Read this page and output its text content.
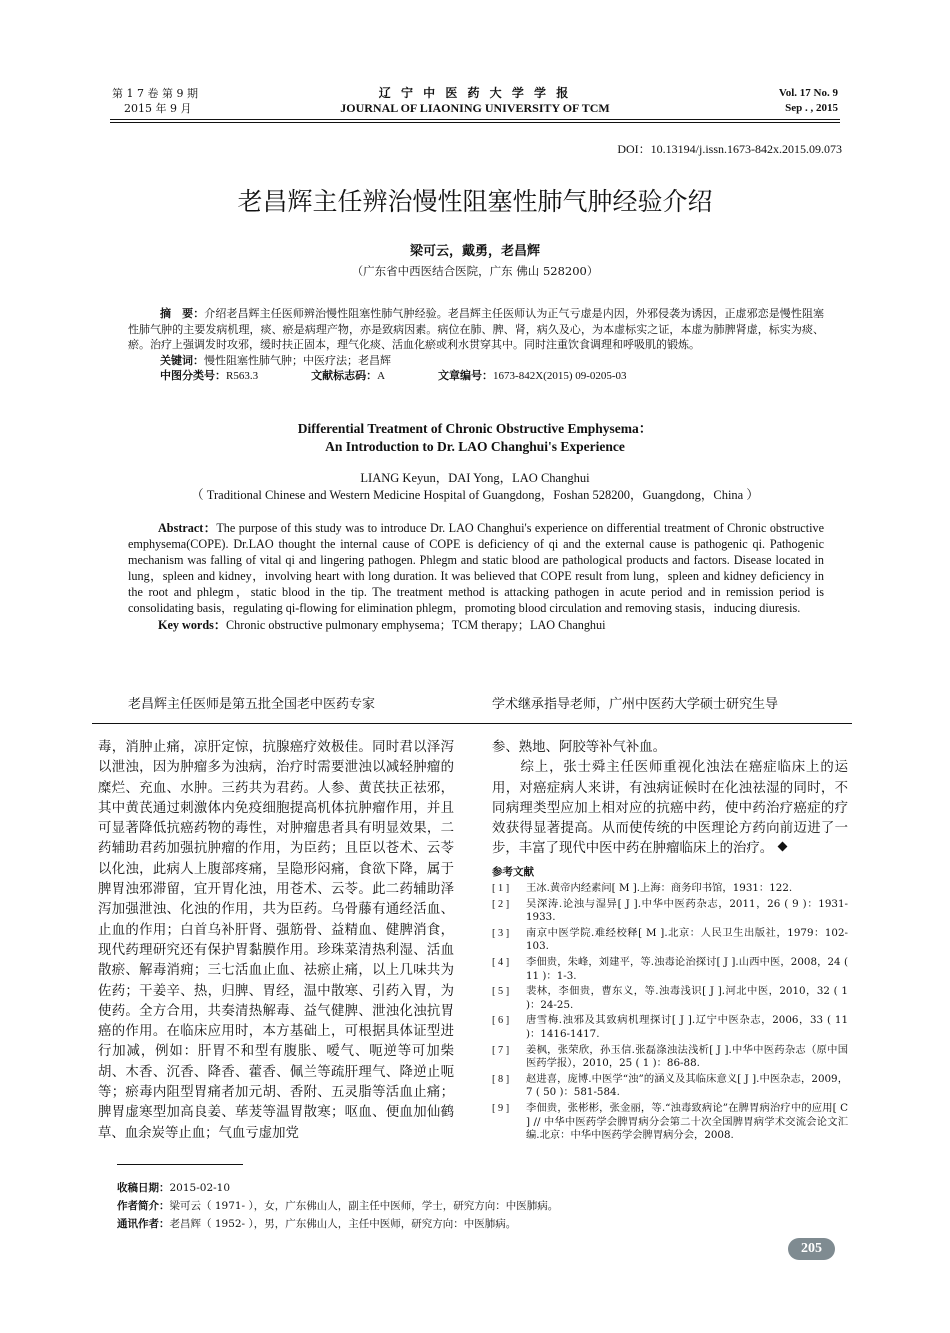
第 1 7 卷 第 9 期
2015 年 9 月
辽 宁 中 医 药 大 学 学 报
JOURNAL OF LIAONING UNIVERSITY OF TCM
Vol. 17 No. 9
Sep . , 2015
DOI：10.13194/j.issn.1673-842x.2015.09.073
老昌辉主任辨治慢性阻塞性肺气肿经验介绍
梁可云，戴勇，老昌辉
（广东省中西医结合医院，广东 佛山 528200）
摘　要：介绍老昌辉主任医师辨治慢性阻塞性肺气肿经验。老昌辉主任医师认为正气亏虚是内因，外邪侵袭为诱因，正虚邪恋是慢性阻塞性肺气肿的主要发病机理，痰、瘀是病理产物，亦是致病因素。病位在肺、脾、肾，病久及心，为本虚标实之证，本虚为肺脾肾虚，标实为痰、瘀。治疗上强调发时攻邪，缓时扶正固本，理气化痰、活血化瘀或利水贯穿其中。同时注重饮食调理和呼吸肌的锻炼。
关键词：慢性阻塞性肺气肿；中医疗法；老昌辉
中图分类号：R563.3	文献标志码：A	文章编号：1673-842X(2015) 09-0205-03
Differential Treatment of Chronic Obstructive Emphysema：
An Introduction to Dr. LAO Changhui's Experience
LIANG Keyun，DAI Yong，LAO Changhui
（ Traditional Chinese and Western Medicine Hospital of Guangdong，Foshan 528200，Guangdong，China ）
Abstract：The purpose of this study was to introduce Dr. LAO Changhui's experience on differential treatment of Chronic obstructive emphysema(COPE). Dr.LAO thought the internal cause of COPE is deficiency of qi and the external cause is pathogenic qi. Pathogenic mechanism was falling of vital qi and lingering pathogen. Phlegm and static blood are pathological products and factors. Disease located in lung，spleen and kidney，involving heart with long duration. It was believed that COPE result from lung，spleen and kidney deficiency in the root and phlegm，static blood in the tip. The treatment method is attacking pathogen in acute period and in remission period is consolidating basis，regulating qi-flowing for elimination phlegm，promoting blood circulation and removing stasis，inducing diuresis.
Key words：Chronic obstructive pulmonary emphysema；TCM therapy；LAO Changhui
老昌辉主任医师是第五批全国老中医药专家	学术继承指导老师，广州中医药大学硕士研究生导
毒，消肿止痛，凉肝定惊，抗腺癌疗效极佳。同时君以泽泻以泄浊，因为肿瘤多为浊病，治疗时需要泄浊以减轻肿瘤的糜烂、充血、水肿。三药共为君药。人参、黄芪扶正祛邪，其中黄芪通过刺激体内免疫细胞提高机体抗肿瘤作用，并且可显著降低抗癌药物的毒性，对肿瘤患者具有明显效果，二药辅助君药加强抗肿瘤的作用，为臣药；且臣以苍术、云苓以化浊，此病人上腹部疼痛，呈隐形闷痛，食欲下降，属于脾胃浊邪滞留，宜开胃化浊，用苍术、云苓。此二药辅助泽泻加强泄浊、化浊的作用，共为臣药。乌骨藤有通经活血、止血的作用；白首乌补肝肾、强筋骨、益精血、健脾消食，现代药理研究还有保护胃黏膜作用。珍珠菜清热利湿、活血散瘀、解毒消痈；三七活血止血、祛瘀止痛，以上几味共为佐药；干姜辛、热，归脾、胃经，温中散寒、引药入胃，为使药。全方合用，共奏清热解毒、益气健脾、泄浊化浊抗胃癌的作用。在临床应用时，本方基础上，可根据具体证型进行加减，例如：肝胃不和型有腹胀、嗳气、呃逆等可加柴胡、木香、沉香、降香、藿香、佩兰等疏肝理气、降逆止呃等；瘀毒内阻型胃痛者加元胡、香附、五灵脂等活血止痛；脾胃虚寒型加高良姜、荜茇等温胃散寒；呕血、便血加仙鹤草、血余炭等止血；气血亏虚加党
参、熟地、阿胶等补气补血。
　　综上，张士舜主任医师重视化浊法在癌症临床上的运用，对癌症病人来讲，有浊病证候时在化浊祛湿的同时，不同病理类型应加上相对应的抗癌中药，使中药治疗癌症的疗效获得显著提高。从而使传统的中医理论方药向前迈进了一步，丰富了现代中医中药在肿瘤临床上的治疗。
参考文献
[ 1 ]	王冰.黄帝内经素问[ M ].上海：商务印书馆，1931：122.
[ 2 ]	吴深涛.论浊与湿异[ J ].中华中医药杂志，2011，26 ( 9 )：1931-1933.
[ 3 ]	南京中医学院.难经校释[ M ].北京：人民卫生出版社，1979：102-103.
[ 4 ]	李佃贵，朱峰，刘建平，等.浊毒论治探讨[ J ].山西中医，2008，24 ( 11 )：1-3.
[ 5 ]	裴林，李佃贵，曹东义，等.浊毒浅识[ J ].河北中医，2010，32 ( 1 )：24-25.
[ 6 ]	唐雪梅.浊邪及其致病机理探讨[ J ].辽宁中医杂志，2006，33 ( 11 )：1416-1417.
[ 7 ]	姜枫，张荣欣，孙玉信.张磊涤浊法浅析[ J ].中华中医药杂志（原中国医药学报），2010，25 ( 1 )：86-88.
[ 8 ]	赵进喜，庞博.中医学“浊”的涵义及其临床意义[ J ].中医杂志，2009，7 ( 50 )：581-584.
[ 9 ]	李佃贵，张彬彬，张金丽，等.“浊毒致病论”在脾胃病治疗中的应用[ C ] // 中华中医药学会脾胃病分会第二十次全国脾胃病学术交流会论文汇编.北京：中华中医药学会脾胃病分会，2008.
收稿日期：2015-02-10
作者简介：梁可云（ 1971- ），女，广东佛山人，副主任中医师，学士，研究方向：中医肺病。
通讯作者：老昌辉（ 1952- ），男，广东佛山人，主任中医师，研究方向：中医肺病。
205
